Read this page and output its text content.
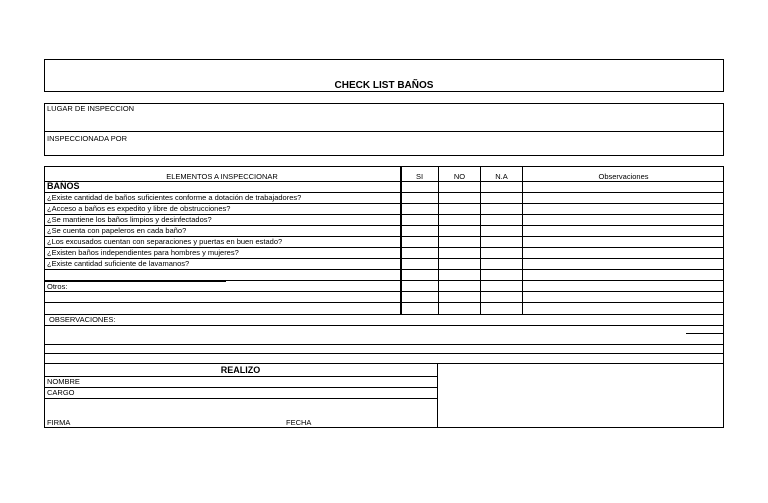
CHECK LIST BAÑOS
LUGAR DE INSPECCION
INSPECCIONADA POR
ELEMENTOS A INSPECCIONAR	SI	NO	N.A	Observaciones
BAÑOS
¿Existe cantidad de baños suficientes conforme a dotación de trabajadores?
¿Acceso a baños es expedito y libre de obstrucciones?
¿Se mantiene los baños limpios y desinfectados?
¿Se cuenta con papeleros en cada baño?
¿Los excusados cuentan con separaciones y puertas en buen estado?
¿Existen baños independientes para hombres y mujeres?
¿Existe cantidad suficiente de lavamanos?
Otros:
OBSERVACIONES:
REALIZO
NOMBRE
CARGO
FIRMA	FECHA
